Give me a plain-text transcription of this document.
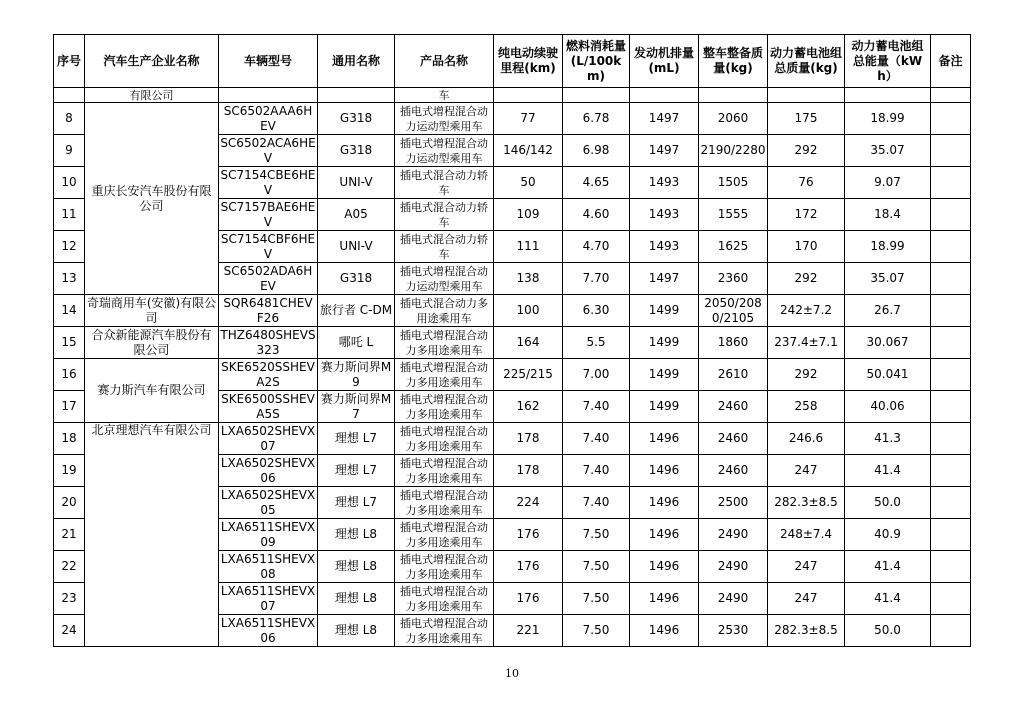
序号	汽车生产企业名称	车辆型号	通用名称	产品名称	纯电动续驶里程(km)	燃料消耗量(L/100km)	发动机排量(mL)	整车整备质量(kg)	动力蓄电池组总质量(kg)	动力蓄电池组总能量（kWh）	备注
	有限公司			车							
8	重庆长安汽车股份有限公司	SC6502AAA6HEV	G318	插电式增程混合动力运动型乘用车	77	6.78	1497	2060	175	18.99	
9		SC6502ACA6HEV	G318	插电式增程混合动力运动型乘用车	146/142	6.98	1497	2190/2280	292	35.07	
10		SC7154CBE6HEV	UNI-V	插电式混合动力轿车	50	4.65	1493	1505	76	9.07	
11		SC7157BAE6HEV	A05	插电式混合动力轿车	109	4.60	1493	1555	172	18.4	
12		SC7154CBF6HEV	UNI-V	插电式混合动力轿车	111	4.70	1493	1625	170	18.99	
13		SC6502ADA6HEV	G318	插电式增程混合动力运动型乘用车	138	7.70	1497	2360	292	35.07	
14	奇瑞商用车(安徽)有限公司	SQR6481CHEVF26	旅行者 C-DM	插电式混合动力多用途乘用车	100	6.30	1499	2050/2080/2105	242±7.2	26.7	
15	合众新能源汽车股份有限公司	THZ6480SHEVS323	哪吒 L	插电式增程混合动力多用途乘用车	164	5.5	1499	1860	237.4±7.1	30.067	
16	赛力斯汽车有限公司	SKE6520SSHEVA2S	赛力斯问界M9	插电式增程混合动力多用途乘用车	225/215	7.00	1499	2610	292	50.041	
17		SKE6500SSHEVA5S	赛力斯问界M7	插电式增程混合动力多用途乘用车	162	7.40	1499	2460	258	40.06	
18	北京理想汽车有限公司	LXA6502SHEVX07	理想 L7	插电式增程混合动力多用途乘用车	178	7.40	1496	2460	246.6	41.3	
19		LXA6502SHEVX06	理想 L7	插电式增程混合动力多用途乘用车	178	7.40	1496	2460	247	41.4	
20		LXA6502SHEVX05	理想 L7	插电式增程混合动力多用途乘用车	224	7.40	1496	2500	282.3±8.5	50.0	
21		LXA6511SHEVX09	理想 L8	插电式增程混合动力多用途乘用车	176	7.50	1496	2490	248±7.4	40.9	
22		LXA6511SHEVX08	理想 L8	插电式增程混合动力多用途乘用车	176	7.50	1496	2490	247	41.4	
23		LXA6511SHEVX07	理想 L8	插电式增程混合动力多用途乘用车	176	7.50	1496	2490	247	41.4	
24		LXA6511SHEVX06	理想 L8	插电式增程混合动力多用途乘用车	221	7.50	1496	2530	282.3±8.5	50.0	
10
